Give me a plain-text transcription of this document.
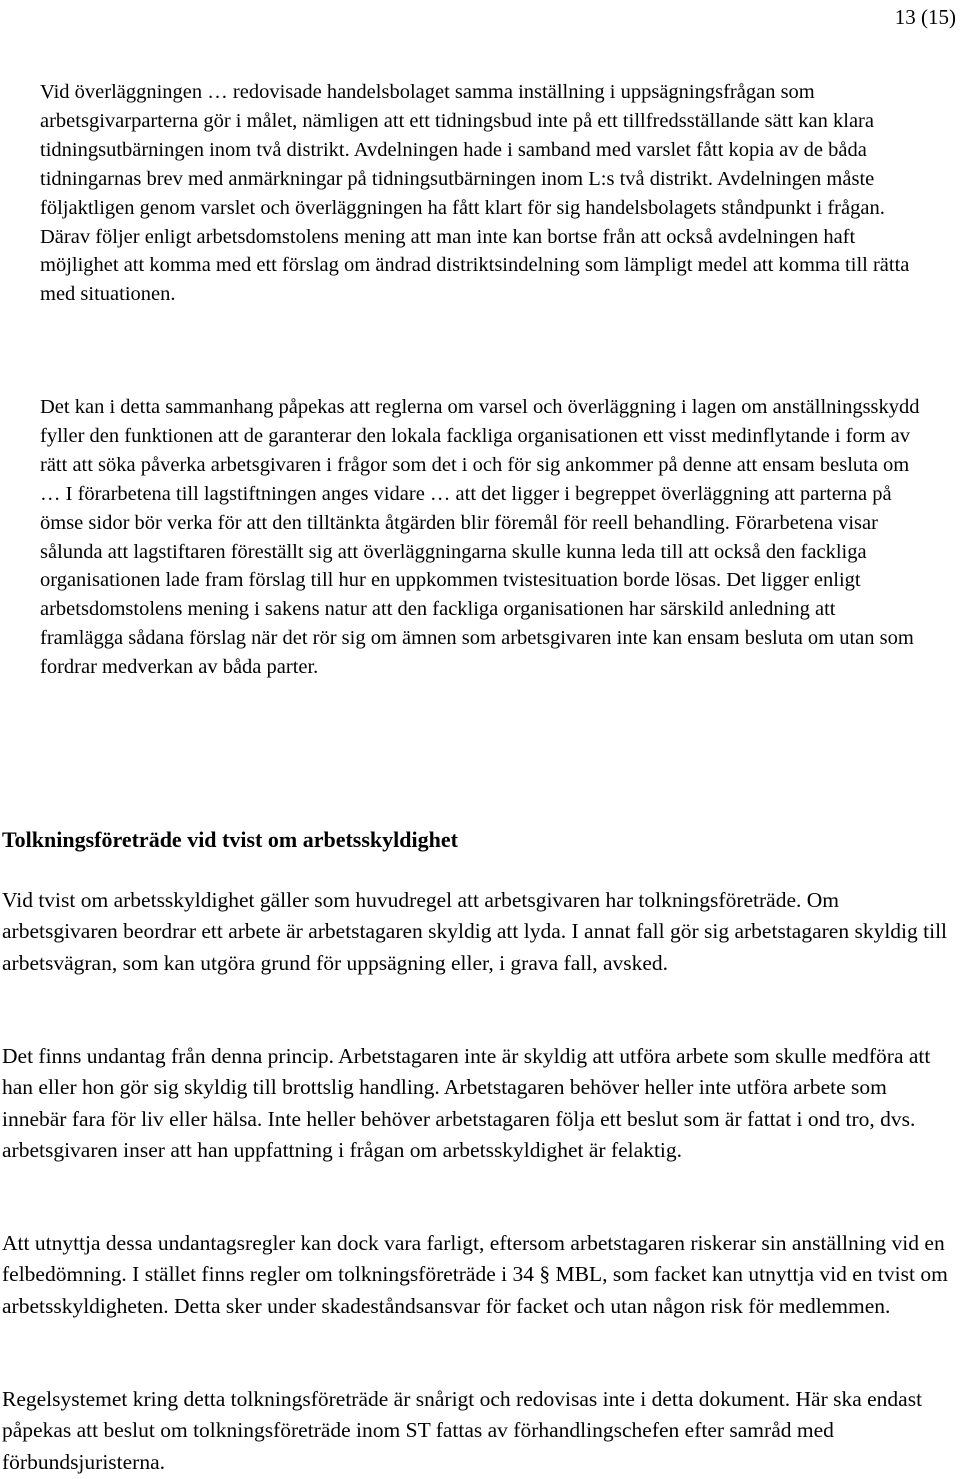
13 (15)

Vid överläggningen … redovisade handelsbolaget samma inställning i uppsägningsfrågan som arbetsgivarparterna gör i målet, nämligen att ett tidningsbud inte på ett tillfredsställande sätt kan klara tidningsutbärningen inom två distrikt. Avdelningen hade i samband med varslet fått kopia av de båda tidningarnas brev med anmärkningar på tidningsutbärningen inom L:s två distrikt. Avdelningen måste följaktligen genom varslet och överläggningen ha fått klart för sig handelsbolagets ståndpunkt i frågan. Därav följer enligt arbetsdomstolens mening att man inte kan bortse från att också avdelningen haft möjlighet att komma med ett förslag om ändrad distriktsindelning som lämpligt medel att komma till rätta med situationen.

Det kan i detta sammanhang påpekas att reglerna om varsel och överläggning i lagen om anställningsskydd fyller den funktionen att de garanterar den lokala fackliga organisationen ett visst medinflytande i form av rätt att söka påverka arbetsgivaren i frågor som det i och för sig ankommer på denne att ensam besluta om … I förarbetena till lagstiftningen anges vidare … att det ligger i begreppet överläggning att parterna på ömse sidor bör verka för att den tilltänkta åtgärden blir föremål för reell behandling. Förarbetena visar sålunda att lagstiftaren föreställt sig att överläggningarna skulle kunna leda till att också den fackliga organisationen lade fram förslag till hur en uppkommen tvistesituation borde lösas. Det ligger enligt arbetsdomstolens mening i sakens natur att den fackliga organisationen har särskild anledning att framlägga sådana förslag när det rör sig om ämnen som arbetsgivaren inte kan ensam besluta om utan som fordrar medverkan av båda parter.

Tolkningsföreträde vid tvist om arbetsskyldighet

Vid tvist om arbetsskyldighet gäller som huvudregel att arbetsgivaren har tolkningsföreträde. Om arbetsgivaren beordrar ett arbete är arbetstagaren skyldig att lyda. I annat fall gör sig arbetstagaren skyldig till arbetsvägran, som kan utgöra grund för uppsägning eller, i grava fall, avsked.

Det finns undantag från denna princip. Arbetstagaren inte är skyldig att utföra arbete som skulle medföra att han eller hon gör sig skyldig till brottslig handling. Arbetstagaren behöver heller inte utföra arbete som innebär fara för liv eller hälsa. Inte heller behöver arbetstagaren följa ett beslut som är fattat i ond tro, dvs. arbetsgivaren inser att han uppfattning i frågan om arbetsskyldighet är felaktig.

Att utnyttja dessa undantagsregler kan dock vara farligt, eftersom arbetstagaren riskerar sin anställning vid en felbedömning. I stället finns regler om tolkningsföreträde i 34 § MBL, som facket kan utnyttja vid en tvist om arbetsskyldigheten. Detta sker under skadeståndsansvar för facket och utan någon risk för medlemmen.

Regelsystemet kring detta tolkningsföreträde är snårigt och redovisas inte i detta dokument. Här ska endast påpekas att beslut om tolkningsföreträde inom ST fattas av förhandlingschefen efter samråd med förbundsjuristerna.
